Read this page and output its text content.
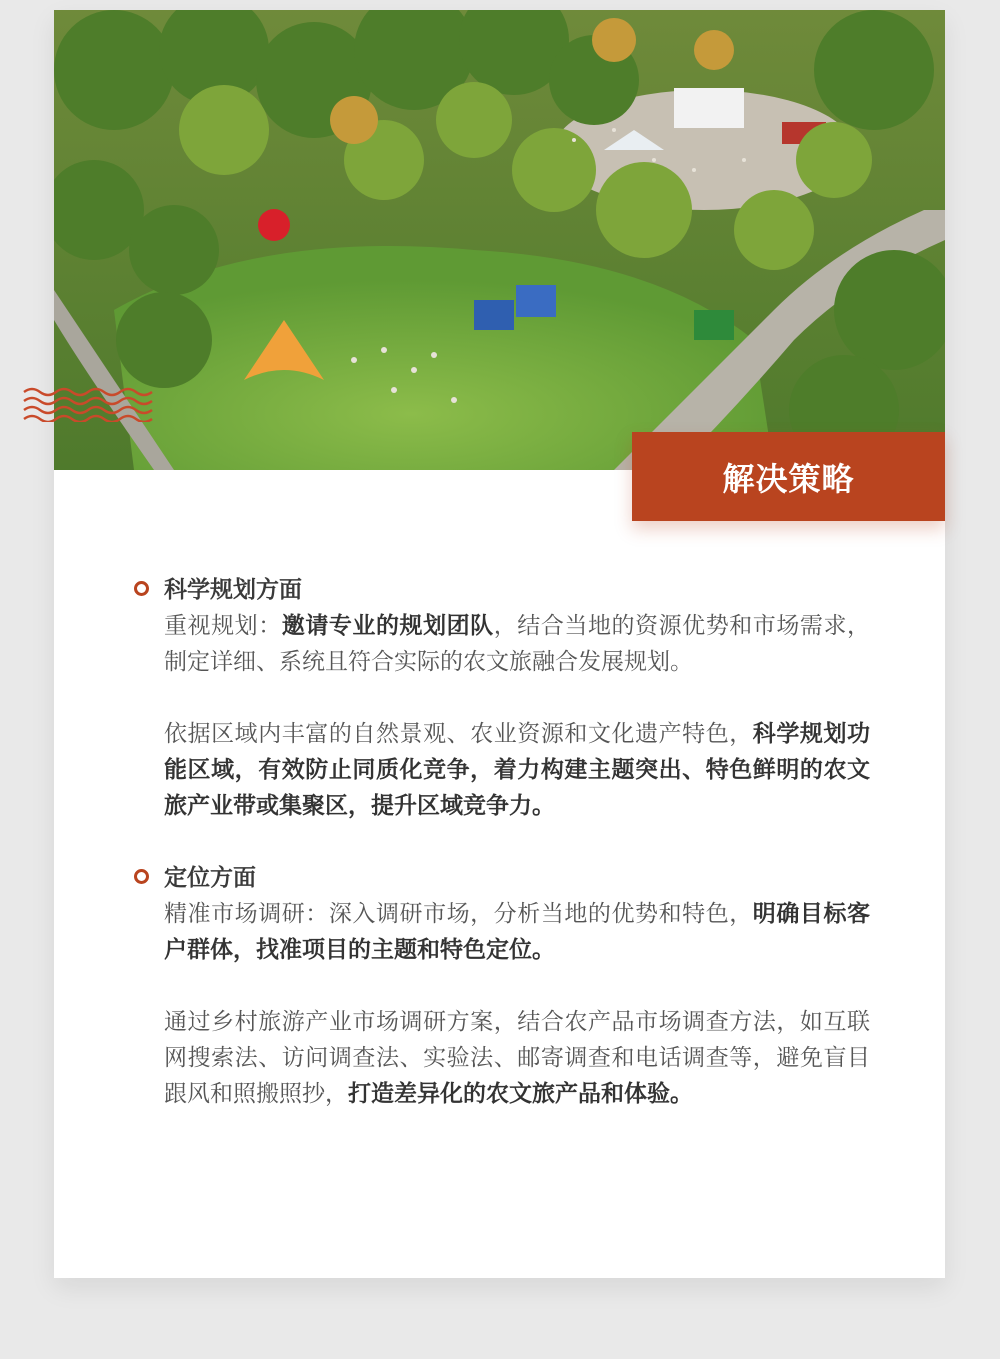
解决策略
科学规划方面

重视规划：邀请专业的规划团队，结合当地的资源优势和市场需求，制定详细、系统且符合实际的农文旅融合发展规划。

依据区域内丰富的自然景观、农业资源和文化遗产特色，科学规划功能区域，有效防止同质化竞争，着力构建主题突出、特色鲜明的农文旅产业带或集聚区，提升区域竞争力。

定位方面

精准市场调研：深入调研市场，分析当地的优势和特色，明确目标客户群体，找准项目的主题和特色定位。

通过乡村旅游产业市场调研方案，结合农产品市场调查方法，如互联网搜索法、访问调查法、实验法、邮寄调查和电话调查等，避免盲目跟风和照搬照抄，打造差异化的农文旅产品和体验。
